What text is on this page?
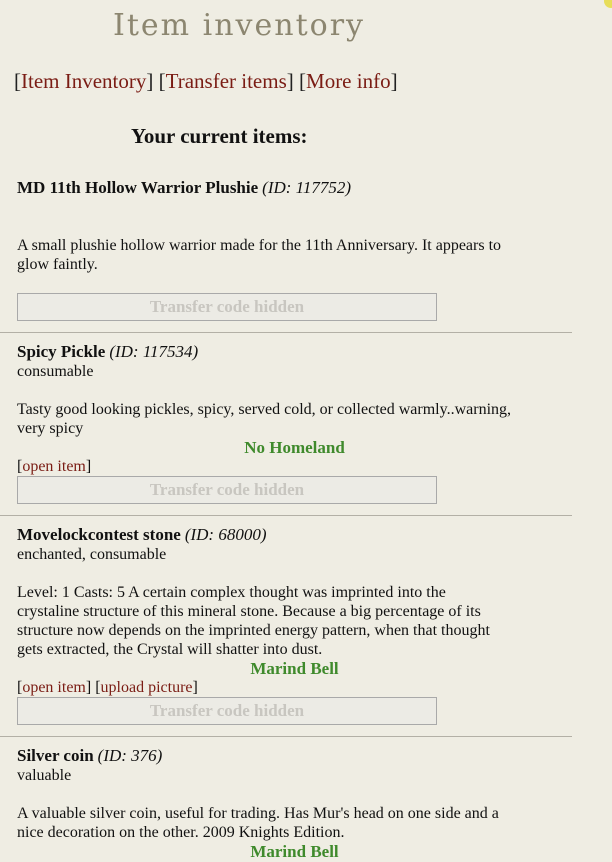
Item inventory
[Item Inventory] [Transfer items] [More info]
Your current items:
MD 11th Hollow Warrior Plushie (ID: 117752)
A small plushie hollow warrior made for the 11th Anniversary. It appears to
glow faintly.
Transfer code hidden
Spicy Pickle (ID: 117534)
consumable
Tasty good looking pickles, spicy, served cold, or collected warmly..warning,
very spicy
No Homeland
[open item]
Transfer code hidden
Movelockcontest stone (ID: 68000)
enchanted, consumable
Level: 1 Casts: 5 A certain complex thought was imprinted into the
crystaline structure of this mineral stone. Because a big percentage of its
structure now depends on the imprinted energy pattern, when that thought
gets extracted, the Crystal will shatter into dust.
Marind Bell
[open item] [upload picture]
Transfer code hidden
Silver coin (ID: 376)
valuable
A valuable silver coin, useful for trading. Has Mur's head on one side and a
nice decoration on the other. 2009 Knights Edition.
Marind Bell
